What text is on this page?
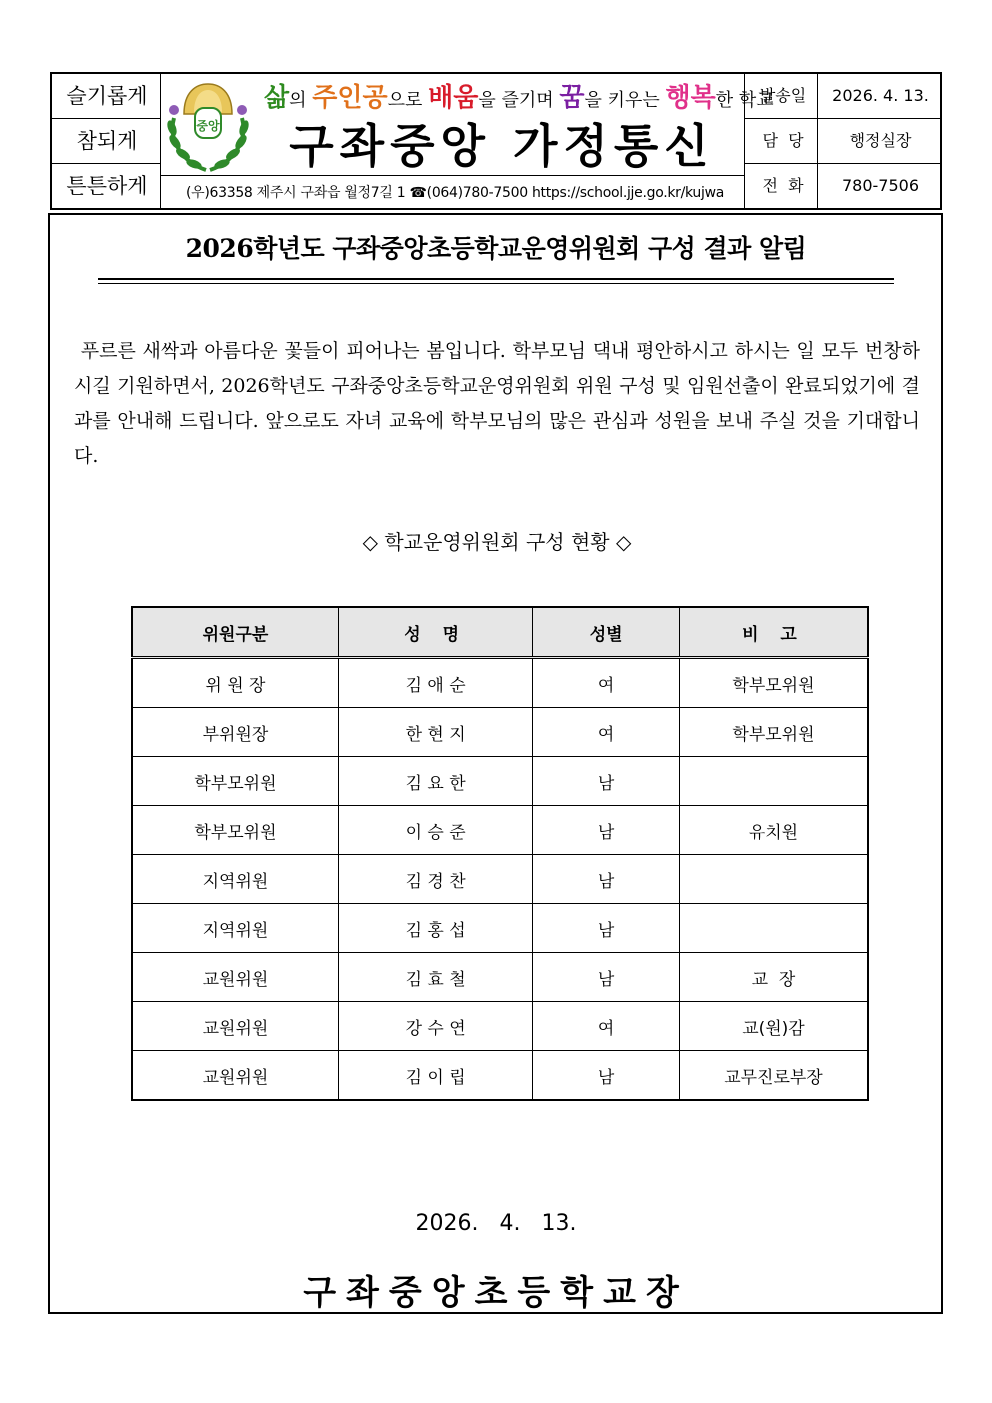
슬기롭게
참되게
튼튼하게
중앙
삶의 주인공으로 배움을 즐기며 꿈을 키우는 행복한 학교
구좌중앙 가정통신
(우)63358 제주시 구좌읍 월정7길 1 ☎(064)780-7500 https://school.jje.go.kr/kujwa
발송일	2026. 4. 13.
담  당	행정실장
전  화	780-7506
2026학년도 구좌중앙초등학교운영위원회 구성 결과 알림
푸르른 새싹과 아름다운 꽃들이 피어나는 봄입니다. 학부모님 댁내 평안하시고 하시는 일 모두 번창하시길 기원하면서, 2026학년도 구좌중앙초등학교운영위원회 위원 구성 및 임원선출이 완료되었기에 결과를 안내해 드립니다. 앞으로도 자녀 교육에 학부모님의 많은 관심과 성원을 보내 주실 것을 기대합니다.
◇ 학교운영위원회 구성 현황 ◇
위원구분	성 명	성별	비 고
위 원 장	김 애 순	여	학부모위원
부위원장	한 현 지	여	학부모위원
학부모위원	김 요 한	남	
학부모위원	이 승 준	남	유치원
지역위원	김 경 찬	남	
지역위원	김 홍 섭	남	
교원위원	김 효 철	남	교  장
교원위원	강 수 연	여	교(원)감
교원위원	김 이 립	남	교무진로부장
2026.   4.   13.
구좌중앙초등학교장
